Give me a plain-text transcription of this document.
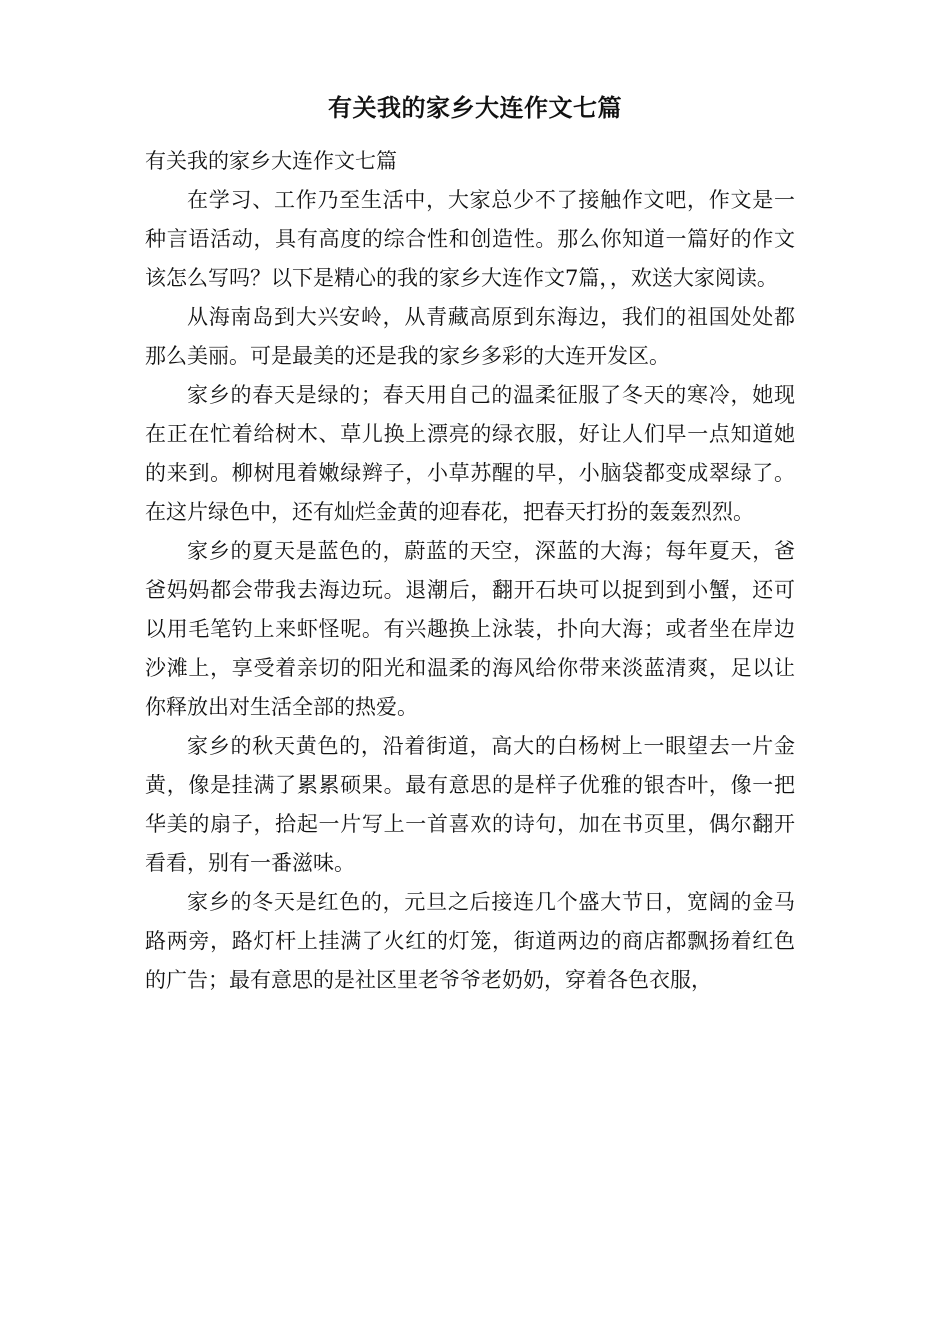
有关我的家乡大连作文七篇

有关我的家乡大连作文七篇

在学习、工作乃至生活中，大家总少不了接触作文吧，作文是一种言语活动，具有高度的综合性和创造性。那么你知道一篇好的作文该怎么写吗？以下是精心的我的家乡大连作文7篇，，欢送大家阅读。

从海南岛到大兴安岭，从青藏高原到东海边，我们的祖国处处都那么美丽。可是最美的还是我的家乡多彩的大连开发区。

家乡的春天是绿的；春天用自己的温柔征服了冬天的寒冷，她现在正在忙着给树木、草儿换上漂亮的绿衣服，好让人们早一点知道她的来到。柳树甩着嫩绿辫子，小草苏醒的早，小脑袋都变成翠绿了。在这片绿色中，还有灿烂金黄的迎春花，把春天打扮的轰轰烈烈。

家乡的夏天是蓝色的，蔚蓝的天空，深蓝的大海；每年夏天，爸爸妈妈都会带我去海边玩。退潮后，翻开石块可以捉到到小蟹，还可以用毛笔钓上来虾怪呢。有兴趣换上泳装，扑向大海；或者坐在岸边沙滩上，享受着亲切的阳光和温柔的海风给你带来淡蓝清爽，足以让你释放出对生活全部的热爱。

家乡的秋天黄色的，沿着街道，高大的白杨树上一眼望去一片金黄，像是挂满了累累硕果。最有意思的是样子优雅的银杏叶，像一把华美的扇子，拾起一片写上一首喜欢的诗句，加在书页里，偶尔翻开看看，别有一番滋味。

家乡的冬天是红色的，元旦之后接连几个盛大节日，宽阔的金马路两旁，路灯杆上挂满了火红的灯笼，街道两边的商店都飘扬着红色的广告；最有意思的是社区里老爷爷老奶奶，穿着各色衣服，
